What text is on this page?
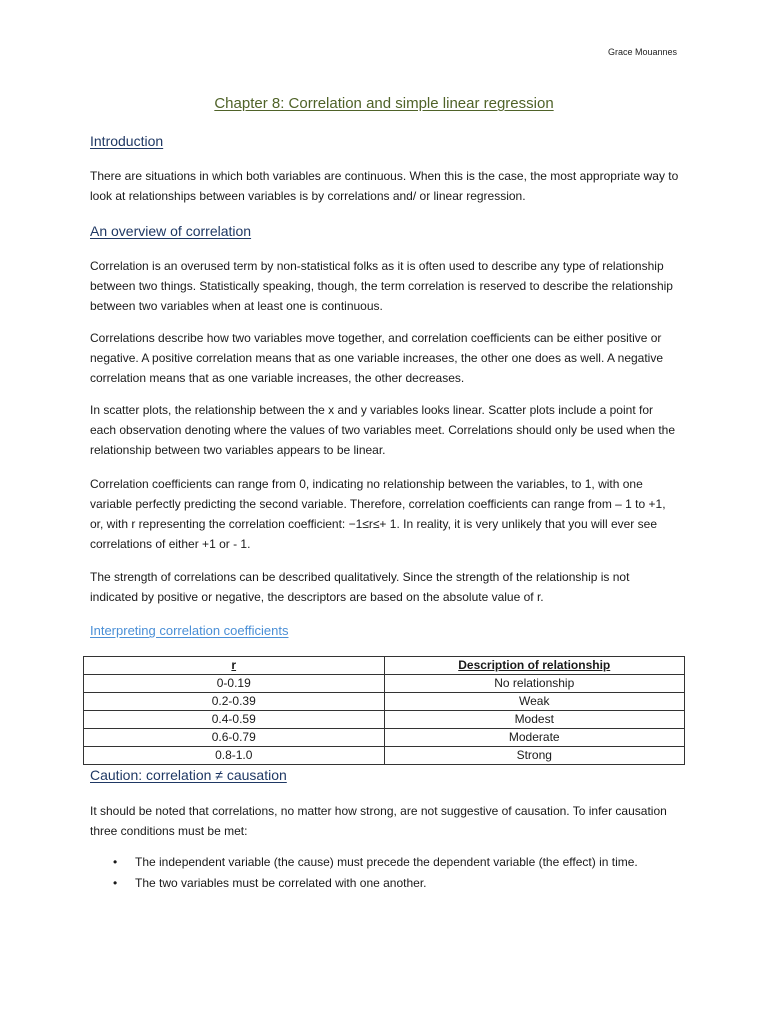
Grace Mouannes
Chapter 8: Correlation and simple linear regression
Introduction
There are situations in which both variables are continuous. When this is the case, the most appropriate way to look at relationships between variables is by correlations and/ or linear regression.
An overview of correlation
Correlation is an overused term by non-statistical folks as it is often used to describe any type of relationship between two things. Statistically speaking, though, the term correlation is reserved to describe the relationship between two variables when at least one is continuous.
Correlations describe how two variables move together, and correlation coefficients can be either positive or negative. A positive correlation means that as one variable increases, the other one does as well. A negative correlation means that as one variable increases, the other decreases.
In scatter plots, the relationship between the x and y variables looks linear. Scatter plots include a point for each observation denoting where the values of two variables meet. Correlations should only be used when the relationship between two variables appears to be linear.
Correlation coefficients can range from 0, indicating no relationship between the variables, to 1, with one variable perfectly predicting the second variable. Therefore, correlation coefficients can range from – 1 to +1, or, with r representing the correlation coefficient: −1≤r≤+ 1. In reality, it is very unlikely that you will ever see correlations of either +1 or - 1.
The strength of correlations can be described qualitatively. Since the strength of the relationship is not indicated by positive or negative, the descriptors are based on the absolute value of r.
Interpreting correlation coefficients
r	Description of relationship
0-0.19	No relationship
0.2-0.39	Weak
0.4-0.59	Modest
0.6-0.79	Moderate
0.8-1.0	Strong
Caution: correlation ≠ causation
It should be noted that correlations, no matter how strong, are not suggestive of causation. To infer causation three conditions must be met:
• The independent variable (the cause) must precede the dependent variable (the effect) in time.
• The two variables must be correlated with one another.
